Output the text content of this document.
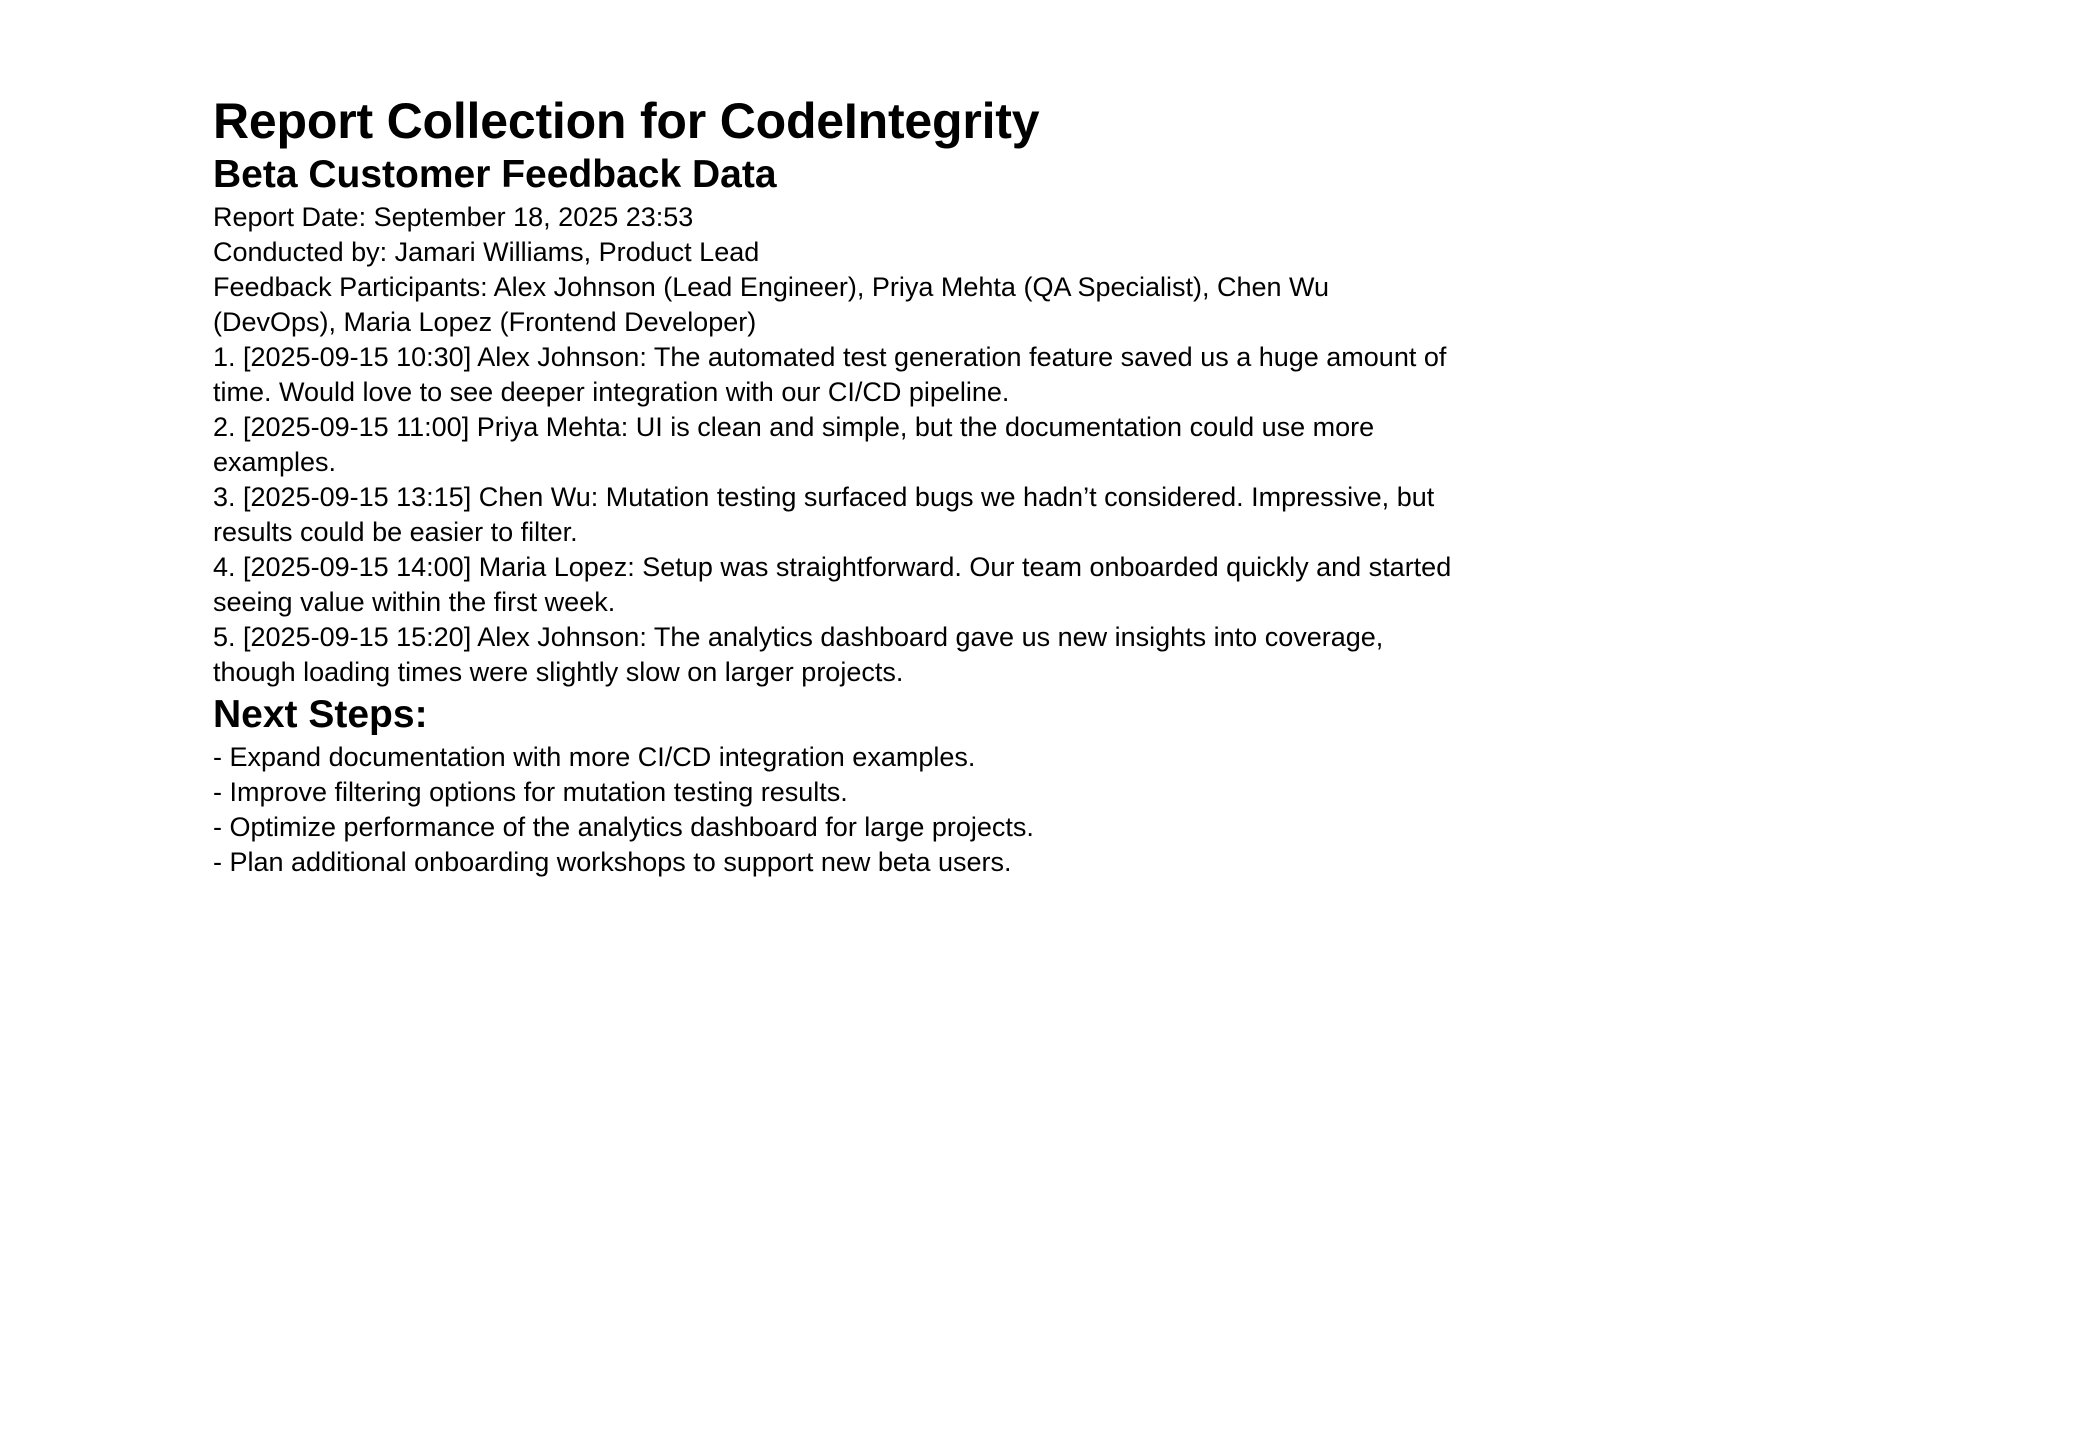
Report Collection for CodeIntegrity
Beta Customer Feedback Data

Report Date: September 18, 2025 23:53

Conducted by: Jamari Williams, Product Lead

Feedback Participants: Alex Johnson (Lead Engineer), Priya Mehta (QA Specialist), Chen Wu (DevOps), Maria Lopez (Frontend Developer)

1. [2025-09-15 10:30] Alex Johnson: The automated test generation feature saved us a huge amount of time. Would love to see deeper integration with our CI/CD pipeline.
2. [2025-09-15 11:00] Priya Mehta: UI is clean and simple, but the documentation could use more examples.
3. [2025-09-15 13:15] Chen Wu: Mutation testing surfaced bugs we hadn’t considered. Impressive, but results could be easier to filter.
4. [2025-09-15 14:00] Maria Lopez: Setup was straightforward. Our team onboarded quickly and started seeing value within the first week.
5. [2025-09-15 15:20] Alex Johnson: The analytics dashboard gave us new insights into coverage, though loading times were slightly slow on larger projects.
Next Steps:
- Expand documentation with more CI/CD integration examples.
- Improve filtering options for mutation testing results.
- Optimize performance of the analytics dashboard for large projects.
- Plan additional onboarding workshops to support new beta users.
